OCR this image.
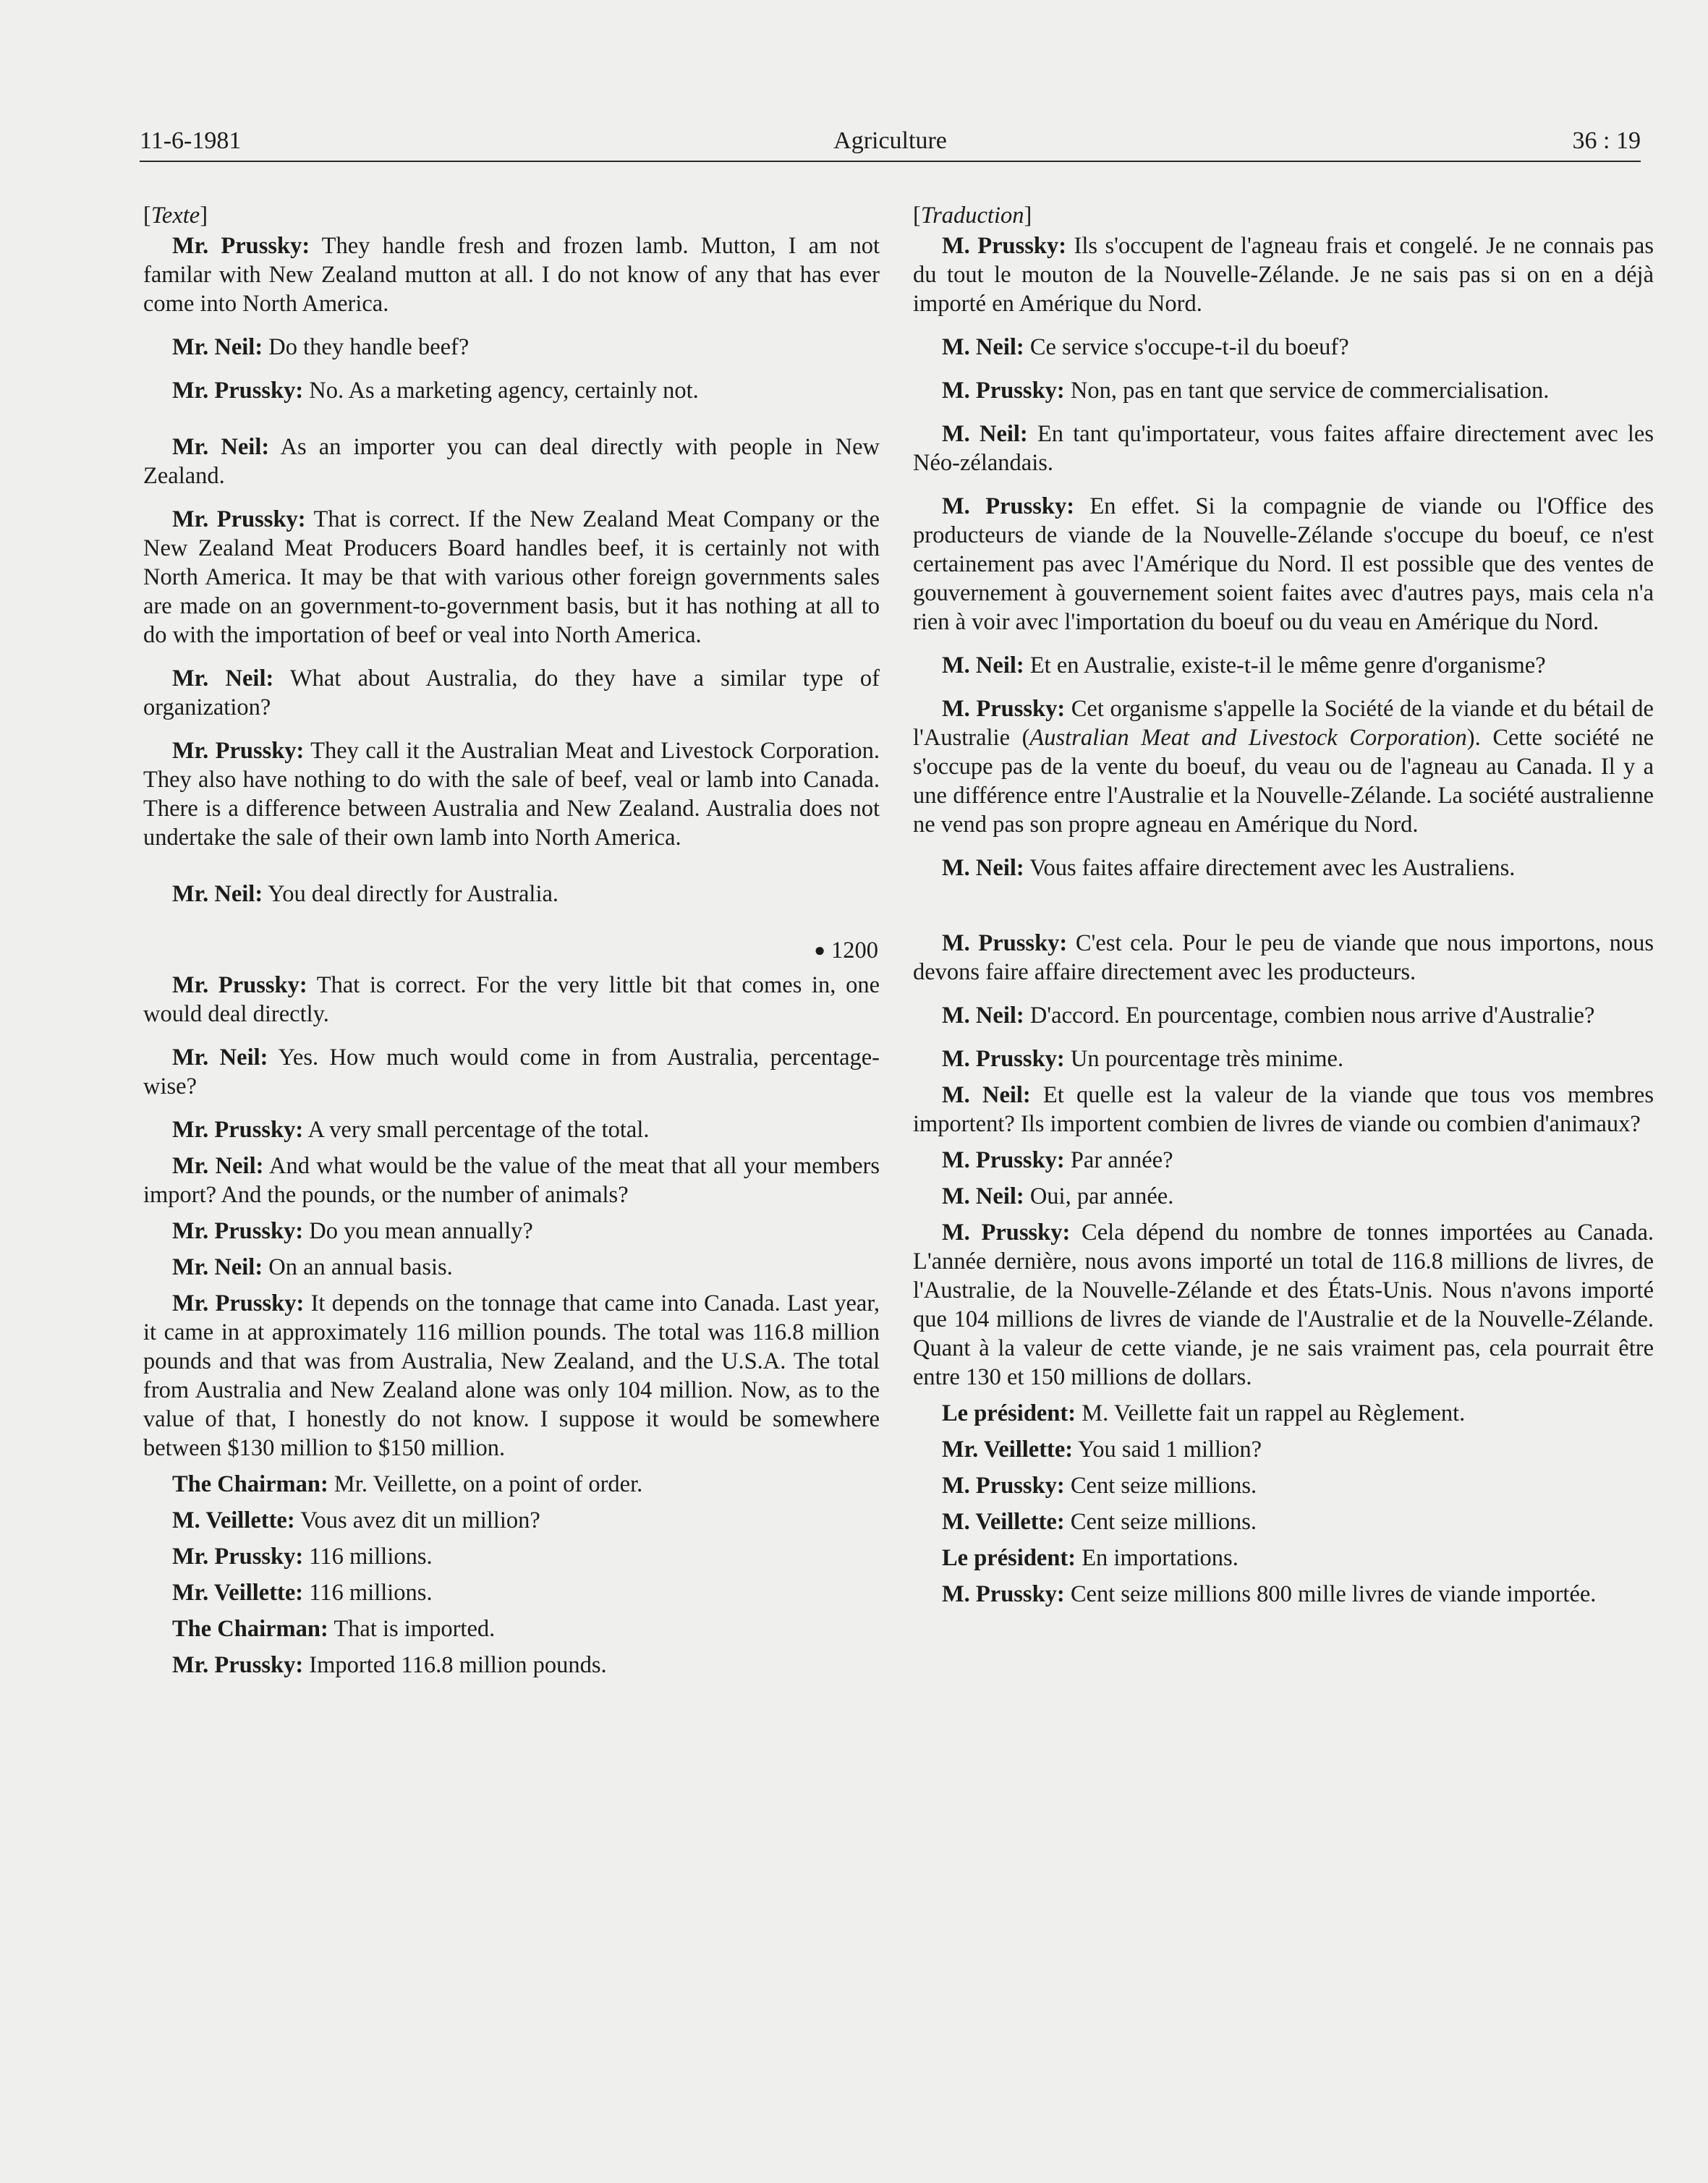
11-6-1981	Agriculture	36 : 19

[Texte]

Mr. Prussky: They handle fresh and frozen lamb. Mutton, I am not familar with New Zealand mutton at all. I do not know of any that has ever come into North America.

Mr. Neil: Do they handle beef?

Mr. Prussky: No. As a marketing agency, certainly not.

Mr. Neil: As an importer you can deal directly with people in New Zealand.

Mr. Prussky: That is correct. If the New Zealand Meat Company or the New Zealand Meat Producers Board handles beef, it is certainly not with North America. It may be that with various other foreign governments sales are made on an government-to-government basis, but it has nothing at all to do with the importation of beef or veal into North America.

Mr. Neil: What about Australia, do they have a similar type of organization?

Mr. Prussky: They call it the Australian Meat and Livestock Corporation. They also have nothing to do with the sale of beef, veal or lamb into Canada. There is a difference between Australia and New Zealand. Australia does not undertake the sale of their own lamb into North America.

Mr. Neil: You deal directly for Australia.

● 1200

Mr. Prussky: That is correct. For the very little bit that comes in, one would deal directly.

Mr. Neil: Yes. How much would come in from Australia, percentage-wise?

Mr. Prussky: A very small percentage of the total.

Mr. Neil: And what would be the value of the meat that all your members import? And the pounds, or the number of animals?

Mr. Prussky: Do you mean annually?

Mr. Neil: On an annual basis.

Mr. Prussky: It depends on the tonnage that came into Canada. Last year, it came in at approximately 116 million pounds. The total was 116.8 million pounds and that was from Australia, New Zealand, and the U.S.A. The total from Australia and New Zealand alone was only 104 million. Now, as to the value of that, I honestly do not know. I suppose it would be somewhere between $130 million to $150 million.

The Chairman: Mr. Veillette, on a point of order.

M. Veillette: Vous avez dit un million?

Mr. Prussky: 116 millions.

Mr. Veillette: 116 millions.

The Chairman: That is imported.

Mr. Prussky: Imported 116.8 million pounds.

[Traduction]

M. Prussky: Ils s'occupent de l'agneau frais et congelé. Je ne connais pas du tout le mouton de la Nouvelle-Zélande. Je ne sais pas si on en a déjà importé en Amérique du Nord.

M. Neil: Ce service s'occupe-t-il du boeuf?

M. Prussky: Non, pas en tant que service de commercialisation.

M. Neil: En tant qu'importateur, vous faites affaire directement avec les Néo-zélandais.

M. Prussky: En effet. Si la compagnie de viande ou l'Office des producteurs de viande de la Nouvelle-Zélande s'occupe du boeuf, ce n'est certainement pas avec l'Amérique du Nord. Il est possible que des ventes de gouvernement à gouvernement soient faites avec d'autres pays, mais cela n'a rien à voir avec l'importation du boeuf ou du veau en Amérique du Nord.

M. Neil: Et en Australie, existe-t-il le même genre d'organisme?

M. Prussky: Cet organisme s'appelle la Société de la viande et du bétail de l'Australie (Australian Meat and Livestock Corporation). Cette société ne s'occupe pas de la vente du boeuf, du veau ou de l'agneau au Canada. Il y a une différence entre l'Australie et la Nouvelle-Zélande. La société australienne ne vend pas son propre agneau en Amérique du Nord.

M. Neil: Vous faites affaire directement avec les Australiens.

M. Prussky: C'est cela. Pour le peu de viande que nous importons, nous devons faire affaire directement avec les producteurs.

M. Neil: D'accord. En pourcentage, combien nous arrive d'Australie?

M. Prussky: Un pourcentage très minime.

M. Neil: Et quelle est la valeur de la viande que tous vos membres importent? Ils importent combien de livres de viande ou combien d'animaux?

M. Prussky: Par année?

M. Neil: Oui, par année.

M. Prussky: Cela dépend du nombre de tonnes importées au Canada. L'année dernière, nous avons importé un total de 116.8 millions de livres, de l'Australie, de la Nouvelle-Zélande et des États-Unis. Nous n'avons importé que 104 millions de livres de viande de l'Australie et de la Nouvelle-Zélande. Quant à la valeur de cette viande, je ne sais vraiment pas, cela pourrait être entre 130 et 150 millions de dollars.

Le président: M. Veillette fait un rappel au Règlement.

Mr. Veillette: You said 1 million?

M. Prussky: Cent seize millions.

M. Veillette: Cent seize millions.

Le président: En importations.

M. Prussky: Cent seize millions 800 mille livres de viande importée.
